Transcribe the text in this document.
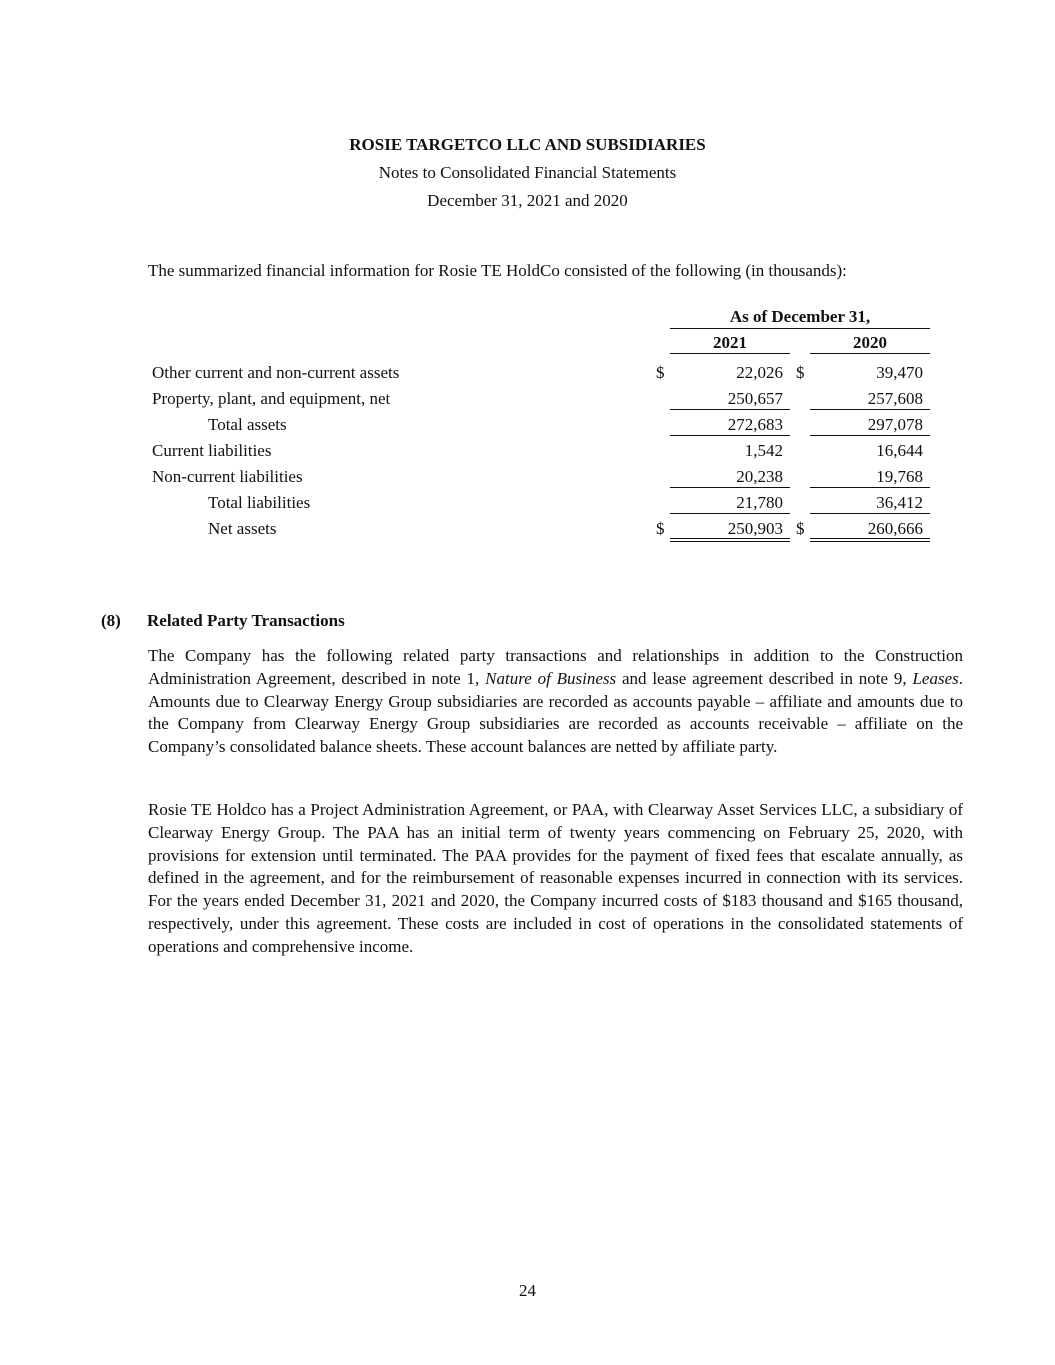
ROSIE TARGETCO LLC AND SUBSIDIARIES
Notes to Consolidated Financial Statements
December 31, 2021 and 2020
The summarized financial information for Rosie TE HoldCo consisted of the following (in thousands):
As of December 31,
2021	2020
Other current and non-current assets	$	22,026 $	39,470
Property, plant, and equipment, net	250,657	257,608
Total assets	272,683	297,078
Current liabilities	1,542	16,644
Non-current liabilities	20,238	19,768
Total liabilities	21,780	36,412
Net assets	$	250,903 $	260,666
(8) Related Party Transactions

The Company has the following related party transactions and relationships in addition to the Construction Administration Agreement, described in note 1, Nature of Business and lease agreement described in note 9, Leases. Amounts due to Clearway Energy Group subsidiaries are recorded as accounts payable – affiliate and amounts due to the Company from Clearway Energy Group subsidiaries are recorded as accounts receivable – affiliate on the Company’s consolidated balance sheets. These account balances are netted by affiliate party.

Rosie TE Holdco has a Project Administration Agreement, or PAA, with Clearway Asset Services LLC, a subsidiary of Clearway Energy Group. The PAA has an initial term of twenty years commencing on February 25, 2020, with provisions for extension until terminated. The PAA provides for the payment of fixed fees that escalate annually, as defined in the agreement, and for the reimbursement of reasonable expenses incurred in connection with its services. For the years ended December 31, 2021 and 2020, the Company incurred costs of $183 thousand and $165 thousand, respectively, under this agreement. These costs are included in cost of operations in the consolidated statements of operations and comprehensive income.

24
